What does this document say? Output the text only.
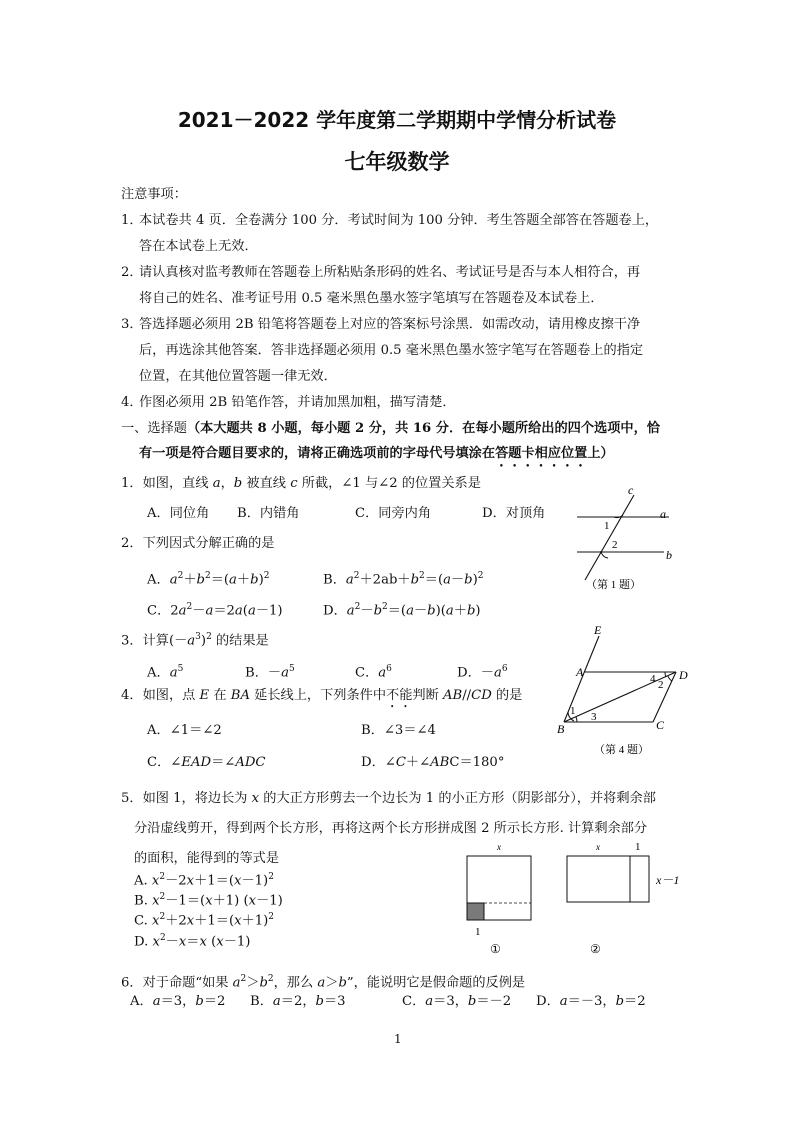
2021－2022 学年度第二学期期中学情分析试卷
七年级数学
注意事项：
1．
本试卷共 4 页．全卷满分 100 分．考试时间为 100 分钟．考生答题全部答在答题卷上，
答在本试卷上无效．
2．
请认真核对监考教师在答题卷上所粘贴条形码的姓名、考试证号是否与本人相符合，再
将自己的姓名、准考证号用 0.5 毫米黑色墨水签字笔填写在答题卷及本试卷上．
3．
答选择题必须用 2B 铅笔将答题卷上对应的答案标号涂黑．如需改动，请用橡皮擦干净
后，再选涂其他答案．答非选择题必须用 0.5 毫米黑色墨水签字笔写在答题卷上的指定
位置，在其他位置答题一律无效．
4．
作图必须用 2B 铅笔作答，并请加黑加粗，描写清楚．
一、选择题（本大题共 8 小题，每小题 2 分，共 16 分．在每小题所给出的四个选项中，恰
有一项是符合题目要求的，请将正确选项前的字母代号填涂在答题卡相应位置上）
1．如图，直线 a，b 被直线 c 所截，∠1 与∠2 的位置关系是
A．同位角 B．内错角	C．同旁内角	D．对顶角
c
a
b
1
2
（第 1 题）
2．下列因式分解正确的是
A．$a^2+b^2=(a+b)^2$	B．$a^2+2ab+b^2=(a-b)^2$
C．$2a^2-a=2a(a-1)$	D．$a^2-b^2=(a-b)(a+b)$
3．计算$(-a^3)^2$ 的结果是
A．$a^5$	B．$-a^5$	C．$a^6$	D．$-a^6$
4．如图，点 E 在 BA 延长线上，下列条件中不能判断 AB//CD 的是
A．∠1＝∠2	B．∠3＝∠4
C．∠EAD＝∠ADC	D．∠C＋∠ABC＝180°
E
A	D
B	C
1
2
3
4
（第 4 题）
5．如图 1，将边长为 x 的大正方形剪去一个边长为 1 的小正方形（阴影部分），并将剩余部
分沿虚线剪开，得到两个长方形，再将这两个长方形拼成图 2 所示长方形. 计算剩余部分
的面积，能得到的等式是
A. $x^2-2x+1=(x-1)^2$
B. $x^2-1=(x+1)$ (x－1)
C. $x^2+2x+1=(x+1)^2$
D. $x^2-x=x$ (x－1)
x
1
①
x	1
x－1
②
6．对于命题“如果 $a^2>b^2$，那么 a＞b”，能说明它是假命题的反例是
A．a＝3，b＝2 B．a＝2，b＝3	C．a＝3，b＝－2 D．a＝－3，b＝2
1
